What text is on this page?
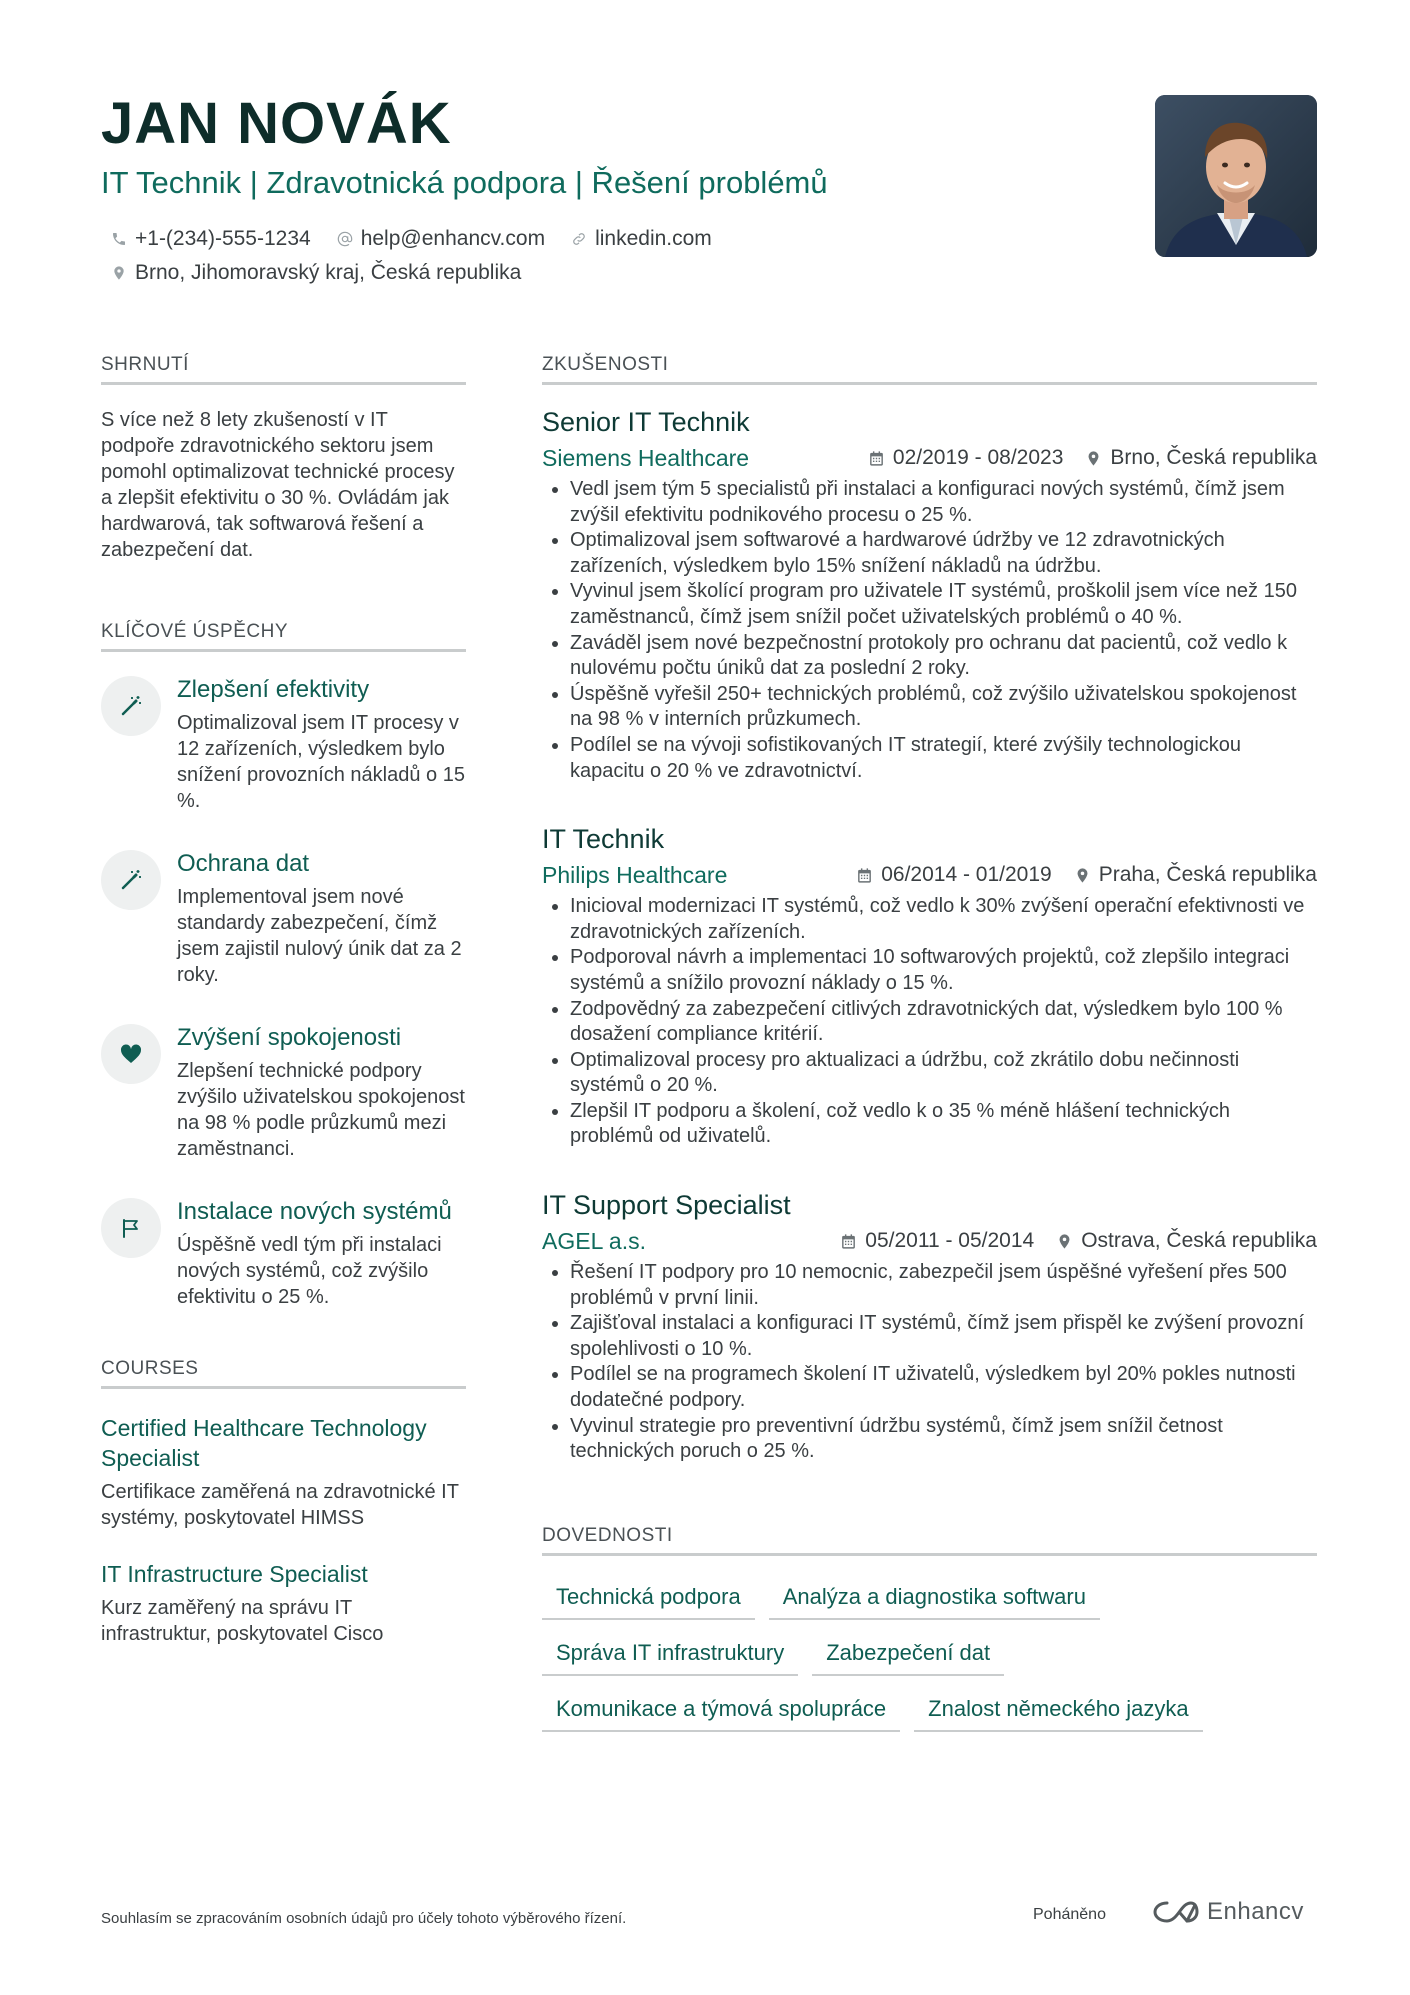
JAN NOVÁK
IT Technik | Zdravotnická podpora | Řešení problémů
+1-(234)-555-1234 help@enhancv.com linkedin.com
Brno, Jihomoravský kraj, Česká republika
SHRNUTÍ
S více než 8 lety zkušeností v IT podpoře zdravotnického sektoru jsem pomohl optimalizovat technické procesy a zlepšit efektivitu o 30 %. Ovládám jak hardwarová, tak softwarová řešení a zabezpečení dat.
KLÍČOVÉ ÚSPĚCHY
Zlepšení efektivity
Optimalizoval jsem IT procesy v 12 zařízeních, výsledkem bylo snížení provozních nákladů o 15 %.
Ochrana dat
Implementoval jsem nové standardy zabezpečení, čímž jsem zajistil nulový únik dat za 2 roky.
Zvýšení spokojenosti
Zlepšení technické podpory zvýšilo uživatelskou spokojenost na 98 % podle průzkumů mezi zaměstnanci.
Instalace nových systémů
Úspěšně vedl tým při instalaci nových systémů, což zvýšilo efektivitu o 25 %.
COURSES
Certified Healthcare Technology Specialist
Certifikace zaměřená na zdravotnické IT systémy, poskytovatel HIMSS
IT Infrastructure Specialist
Kurz zaměřený na správu IT infrastruktur, poskytovatel Cisco
ZKUŠENOSTI
Senior IT Technik
Siemens Healthcare	02/2019 - 08/2023 Brno, Česká republika
• Vedl jsem tým 5 specialistů při instalaci a konfiguraci nových systémů, čímž jsem zvýšil efektivitu podnikového procesu o 25 %.
• Optimalizoval jsem softwarové a hardwarové údržby ve 12 zdravotnických zařízeních, výsledkem bylo 15% snížení nákladů na údržbu.
• Vyvinul jsem školící program pro uživatele IT systémů, proškolil jsem více než 150 zaměstnanců, čímž jsem snížil počet uživatelských problémů o 40 %.
• Zaváděl jsem nové bezpečnostní protokoly pro ochranu dat pacientů, což vedlo k nulovému počtu úniků dat za poslední 2 roky.
• Úspěšně vyřešil 250+ technických problémů, což zvýšilo uživatelskou spokojenost na 98 % v interních průzkumech.
• Podílel se na vývoji sofistikovaných IT strategií, které zvýšily technologickou kapacitu o 20 % ve zdravotnictví.
IT Technik
Philips Healthcare	06/2014 - 01/2019 Praha, Česká republika
• Inicioval modernizaci IT systémů, což vedlo k 30% zvýšení operační efektivnosti ve zdravotnických zařízeních.
• Podporoval návrh a implementaci 10 softwarových projektů, což zlepšilo integraci systémů a snížilo provozní náklady o 15 %.
• Zodpovědný za zabezpečení citlivých zdravotnických dat, výsledkem bylo 100 % dosažení compliance kritérií.
• Optimalizoval procesy pro aktualizaci a údržbu, což zkrátilo dobu nečinnosti systémů o 20 %.
• Zlepšil IT podporu a školení, což vedlo k o 35 % méně hlášení technických problémů od uživatelů.
IT Support Specialist
AGEL a.s.	05/2011 - 05/2014 Ostrava, Česká republika
• Řešení IT podpory pro 10 nemocnic, zabezpečil jsem úspěšné vyřešení přes 500 problémů v první linii.
• Zajišťoval instalaci a konfiguraci IT systémů, čímž jsem přispěl ke zvýšení provozní spolehlivosti o 10 %.
• Podílel se na programech školení IT uživatelů, výsledkem byl 20% pokles nutnosti dodatečné podpory.
• Vyvinul strategie pro preventivní údržbu systémů, čímž jsem snížil četnost technických poruch o 25 %.
DOVEDNOSTI
Technická podpora	Analýza a diagnostika softwaru
Správa IT infrastruktury	Zabezpečení dat
Komunikace a týmová spolupráce	Znalost německého jazyka
Souhlasím se zpracováním osobních údajů pro účely tohoto výběrového řízení.	Poháněno	Enhancv
